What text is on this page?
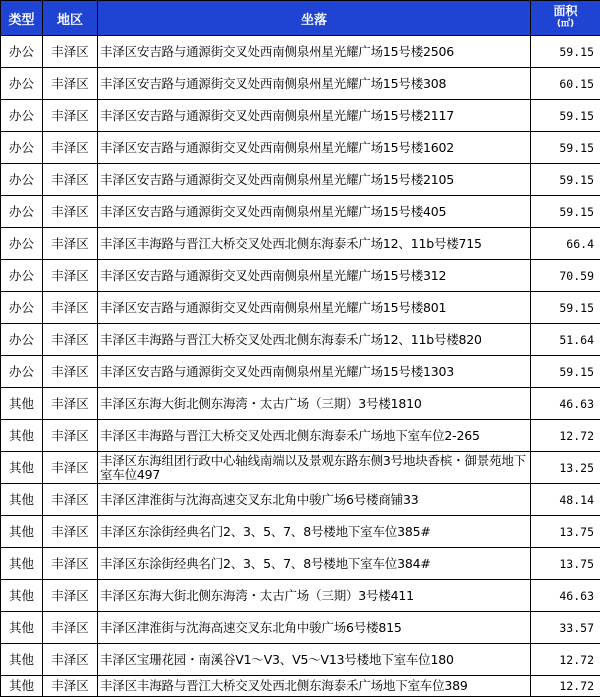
类型	地区	坐落	面积
(㎡)

办公	丰泽区	丰泽区安吉路与通源街交叉处西南侧泉州星光耀广场15号楼2506	59.15
办公	丰泽区	丰泽区安吉路与通源街交叉处西南侧泉州星光耀广场15号楼308	60.15
办公	丰泽区	丰泽区安吉路与通源街交叉处西南侧泉州星光耀广场15号楼2117	59.15
办公	丰泽区	丰泽区安吉路与通源街交叉处西南侧泉州星光耀广场15号楼1602	59.15
办公	丰泽区	丰泽区安吉路与通源街交叉处西南侧泉州星光耀广场15号楼2105	59.15
办公	丰泽区	丰泽区安吉路与通源街交叉处西南侧泉州星光耀广场15号楼405	59.15
办公	丰泽区	丰泽区丰海路与晋江大桥交叉处西北侧东海泰禾广场12、11b号楼715	66.4
办公	丰泽区	丰泽区安吉路与通源街交叉处西南侧泉州星光耀广场15号楼312	70.59
办公	丰泽区	丰泽区安吉路与通源街交叉处西南侧泉州星光耀广场15号楼801	59.15
办公	丰泽区	丰泽区丰海路与晋江大桥交叉处西北侧东海泰禾广场12、11b号楼820	51.64
办公	丰泽区	丰泽区安吉路与通源街交叉处西南侧泉州星光耀广场15号楼1303	59.15
其他	丰泽区	丰泽区东海大街北侧东海湾・太古广场（三期）3号楼1810	46.63
其他	丰泽区	丰泽区丰海路与晋江大桥交叉处西北侧东海泰禾广场地下室车位2-265	12.72
其他	丰泽区	丰泽区东海组团行政中心轴线南端以及景观东路东侧3号地块香槟・御景苑地下室车位497	13.25
其他	丰泽区	丰泽区津淮街与沈海高速交叉东北角中骏广场6号楼商铺33	48.14
其他	丰泽区	丰泽区东涂街经典名门2、3、5、7、8号楼地下室车位385#	13.75
其他	丰泽区	丰泽区东涂街经典名门2、3、5、7、8号楼地下室车位384#	13.75
其他	丰泽区	丰泽区东海大街北侧东海湾・太古广场（三期）3号楼411	46.63
其他	丰泽区	丰泽区津淮街与沈海高速交叉东北角中骏广场6号楼815	33.57
其他	丰泽区	丰泽区宝珊花园・南溪谷V1～V3、V5～V13号楼地下室车位180	12.72
其他	丰泽区	丰泽区丰海路与晋江大桥交叉处西北侧东海泰禾广场地下室车位389	12.72
